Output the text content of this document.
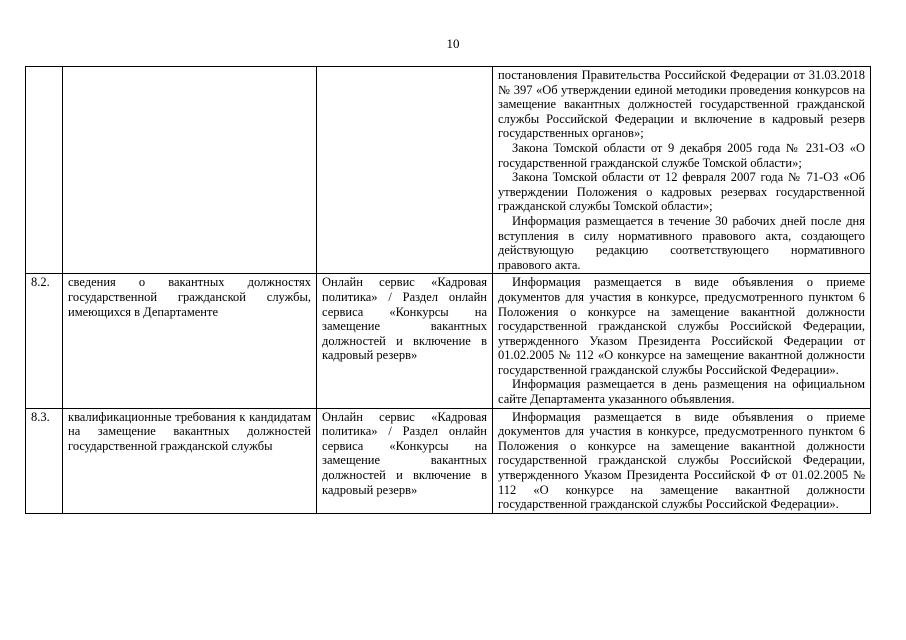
10

			постановления Правительства Российской Федерации от 31.03.2018 № 397 «Об утверждении единой методики проведения конкурсов на замещение вакантных должностей государственной гражданской службы Российской Федерации и включение в кадровый резерв государственных органов»;
Закона Томской области от 9 декабря 2005 года № 231-ОЗ «О государственной гражданской службе Томской области»;
Закона Томской области от 12 февраля 2007 года № 71-ОЗ «Об утверждении Положения о кадровых резервах государственной гражданской службы Томской области»;
Информация размещается в течение 30 рабочих дней после дня вступления в силу нормативного правового акта, создающего действующую редакцию соответствующего нормативного правового акта.

8.2.	сведения о вакантных должностях государственной гражданской службы, имеющихся в Департаменте	Онлайн сервис «Кадровая политика» / Раздел онлайн сервиса «Конкурсы на замещение вакантных должностей и включение в кадровый резерв»	Информация размещается в виде объявления о приеме документов для участия в конкурсе, предусмотренного пунктом 6 Положения о конкурсе на замещение вакантной должности государственной гражданской службы Российской Федерации, утвержденного Указом Президента Российской Федерации от 01.02.2005 № 112 «О конкурсе на замещение вакантной должности государственной гражданской службы Российской Федерации».
Информация размещается в день размещения на официальном сайте Департамента указанного объявления.

8.3.	квалификационные требования к кандидатам на замещение вакантных должностей государственной гражданской службы	Онлайн сервис «Кадровая политика» / Раздел онлайн сервиса «Конкурсы на замещение вакантных должностей и включение в кадровый резерв»	Информация размещается в виде объявления о приеме документов для участия в конкурсе, предусмотренного пунктом 6 Положения о конкурсе на замещение вакантной должности государственной гражданской службы Российской Федерации, утвержденного Указом Президента Российской Ф от 01.02.2005 № 112 «О конкурсе на замещение вакантной должности государственной гражданской службы Российской Федерации».
